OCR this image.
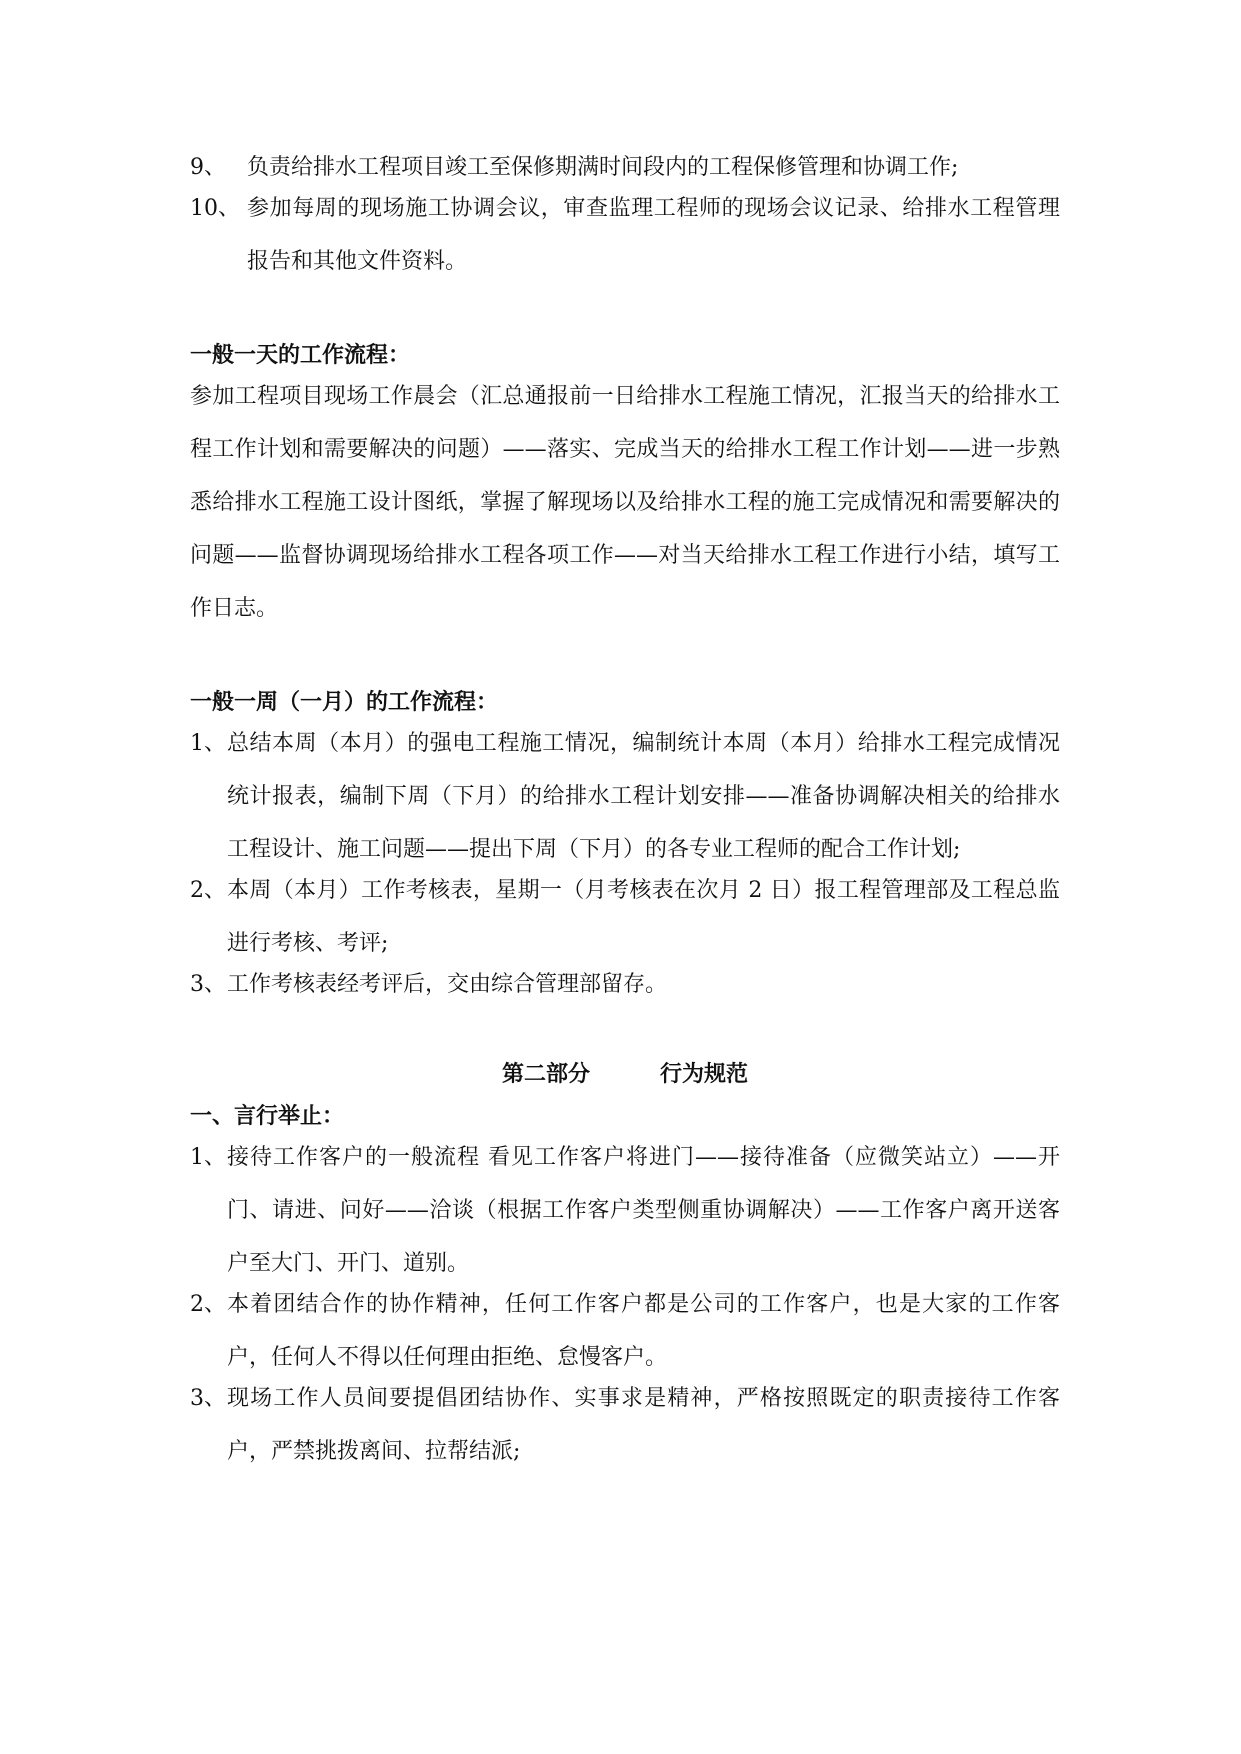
9、 负责给排水工程项目竣工至保修期满时间段内的工程保修管理和协调工作;
10、 参加每周的现场施工协调会议，审查监理工程师的现场会议记录、给排水工程管理报告和其他文件资料。
一般一天的工作流程：
参加工程项目现场工作晨会（汇总通报前一日给排水工程施工情况，汇报当天的给排水工程工作计划和需要解决的问题）——落实、完成当天的给排水工程工作计划——进一步熟悉给排水工程施工设计图纸，掌握了解现场以及给排水工程的施工完成情况和需要解决的问题——监督协调现场给排水工程各项工作——对当天给排水工程工作进行小结，填写工作日志。
一般一周（一月）的工作流程：
1、 总结本周（本月）的强电工程施工情况，编制统计本周（本月）给排水工程完成情况统计报表，编制下周（下月）的给排水工程计划安排——准备协调解决相关的给排水工程设计、施工问题——提出下周（下月）的各专业工程师的配合工作计划;
2、 本周（本月）工作考核表，星期一（月考核表在次月 2 日）报工程管理部及工程总监进行考核、考评;
3、 工作考核表经考评后，交由综合管理部留存。
第二部分	行为规范
一、言行举止：
1、 接待工作客户的一般流程 看见工作客户将进门——接待准备（应微笑站立）——开门、请进、问好——洽谈（根据工作客户类型侧重协调解决）——工作客户离开送客户至大门、开门、道别。
2、 本着团结合作的协作精神，任何工作客户都是公司的工作客户，也是大家的工作客户，任何人不得以任何理由拒绝、怠慢客户。
3、 现场工作人员间要提倡团结协作、实事求是精神，严格按照既定的职责接待工作客户，严禁挑拨离间、拉帮结派;
